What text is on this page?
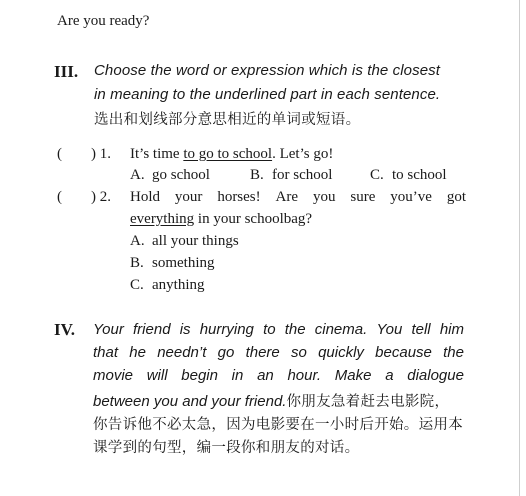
Are you ready?
III. Choose the word or expression which is the closest
in meaning to the underlined part in each sentence.
选出和划线部分意思相近的单词或短语。
( ) 1. It’s time to go to school. Let’s go!
A. go school	B. for school	C. to school
( ) 2. Hold your horses! Are you sure you’ve got
everything in your schoolbag?
A. all your things
B. something
C. anything
IV. Your friend is hurrying to the cinema. You tell him
that he needn’t go there so quickly because the
movie will begin in an hour. Make a dialogue
between you and your friend.你朋友急着赶去电影院，
你告诉他不必太急，因为电影要在一小时后开始。运用本
课学到的句型，编一段你和朋友的对话。
